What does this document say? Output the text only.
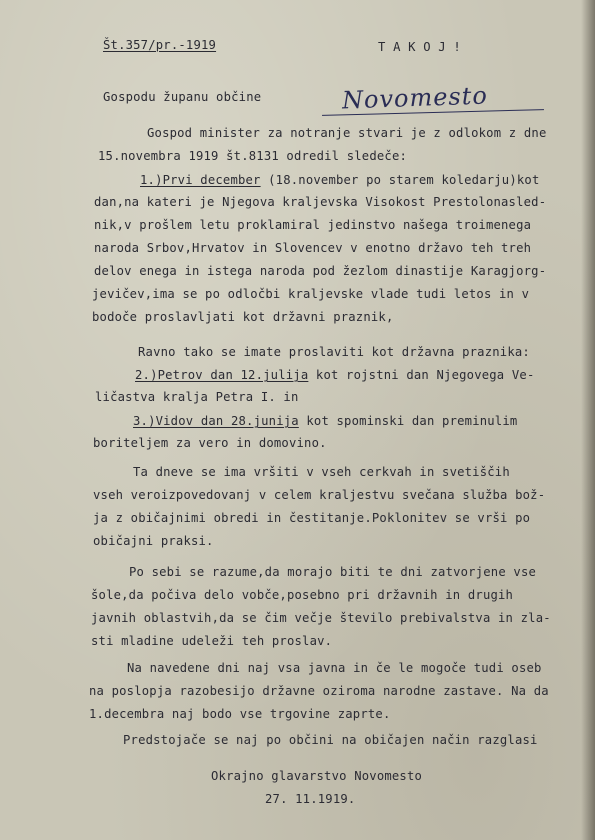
Št.357/pr.-1919	T A K O J !
Gospodu županu občine	Novomesto
Gospod minister za notranje stvari je z odlokom z dne
15.novembra 1919 št.8131 odredil sledeče:
1.)Prvi december (18.november po starem koledarju)kot
dan,na kateri je Njegova kraljevska Visokost Prestolonasled-
nik,v prošlem letu proklamiral jedinstvo našega troimenega
naroda Srbov,Hrvatov in Slovencev v enotno državo teh treh
delov enega in istega naroda pod žezlom dinastije Karagjorg-
jevičev,ima se po odločbi kraljevske vlade tudi letos in v
bodoče proslavljati kot državni praznik,
Ravno tako se imate proslaviti kot državna praznika:
2.)Petrov dan 12.julija kot rojstni dan Njegovega Ve-
ličastva kralja Petra I. in
3.)Vidov dan 28.junija kot spominski dan preminulim
boriteljem za vero in domovino.
Ta dneve se ima vršiti v vseh cerkvah in svetiščih
vseh veroizpovedovanj v celem kraljestvu svečana služba bož-
ja z običajnimi obredi in čestitanje.Poklonitev se vrši po
običajni praksi.
Po sebi se razume,da morajo biti te dni zatvorjene vse
šole,da počiva delo vobče,posebno pri državnih in drugih
javnih oblastvih,da se čim večje število prebivalstva in zla-
sti mladine udeleži teh proslav.
Na navedene dni naj vsa javna in če le mogoče tudi oseb
na poslopja razobesijo državne oziroma narodne zastave. Na da
1.decembra naj bodo vse trgovine zaprte.
Predstojače se naj po občini na običajen način razglasi
Okrajno glavarstvo Novomesto
27. 11.1919.
